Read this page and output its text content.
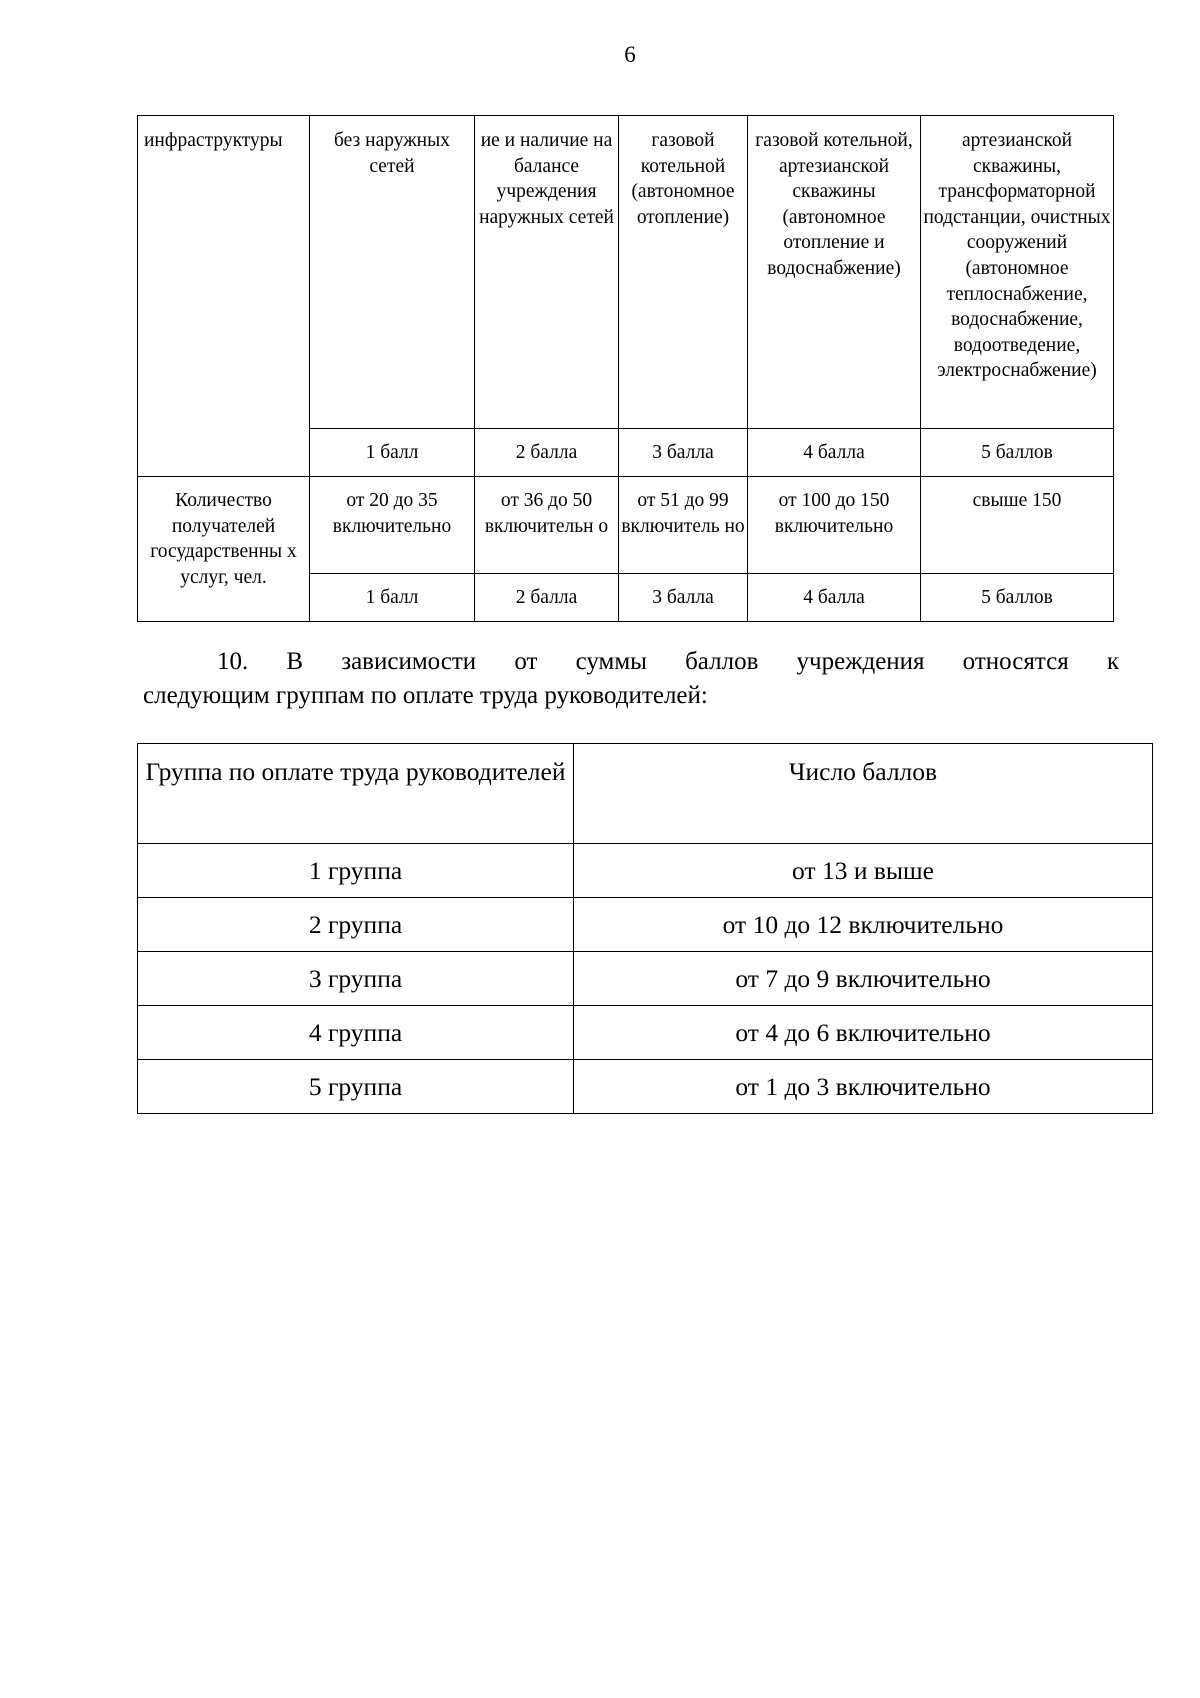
6
инфраструктуры	без наружных сетей	ие и наличие на балансе учреждения наружных сетей	газовой котельной (автономное отопление)	газовой котельной, артезианской скважины (автономное отопление и водоснабжение)	артезианской скважины, трансформаторной подстанции, очистных сооружений (автономное теплоснабжение, водоснабжение, водоотведение, электроснабжение)
	1 балл	2 балла	3 балла	4 балла	5 баллов
Количество получателей государственны х услуг, чел.	от 20 до 35 включительно	от 36 до 50 включительн о	от 51 до 99 включитель но	от 100 до 150 включительно	свыше 150
	1 балл	2 балла	3 балла	4 балла	5 баллов
10. В зависимости от суммы баллов учреждения относятся к
следующим группам по оплате труда руководителей:
Группа по оплате труда руководителей	Число баллов
1 группа	от 13 и выше
2 группа	от 10 до 12 включительно
3 группа	от 7 до 9 включительно
4 группа	от 4 до 6 включительно
5 группа	от 1 до 3 включительно
